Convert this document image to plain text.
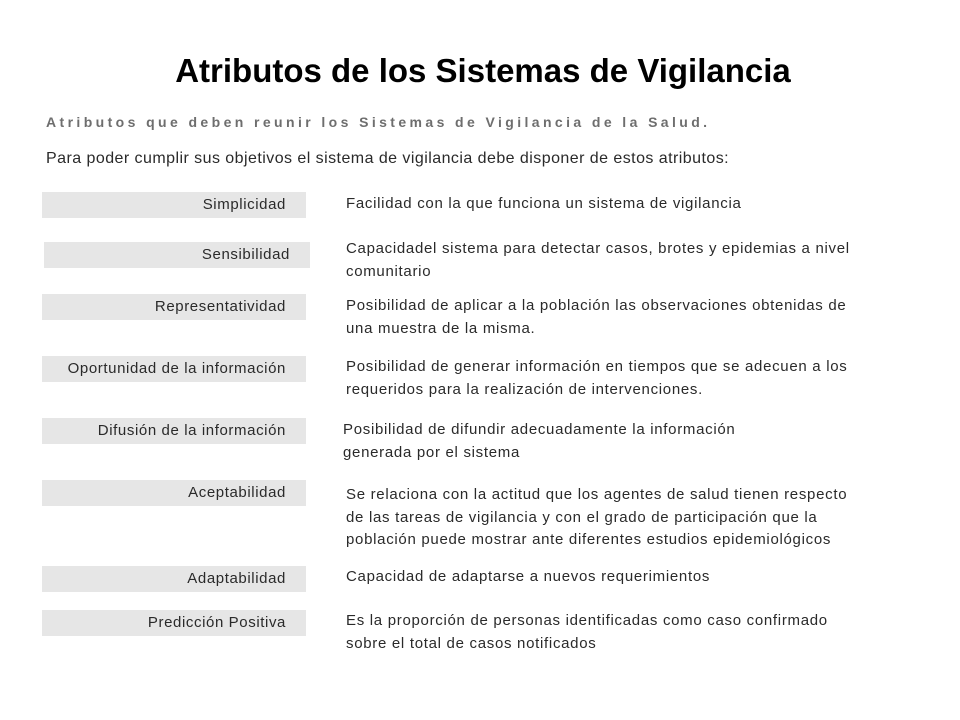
Atributos de los Sistemas de Vigilancia
Atributos que deben reunir los Sistemas de Vigilancia de la Salud.
Para poder cumplir sus objetivos el sistema de vigilancia debe disponer de estos atributos:
Simplicidad	Facilidad con la que funciona un sistema de vigilancia
Sensibilidad	Capacidadel sistema para detectar casos, brotes y epidemias a nivel
comunitario
Representatividad	Posibilidad de aplicar a la población las observaciones obtenidas de
una muestra de la misma.
Oportunidad de la información	Posibilidad de generar información en tiempos que se adecuen a los
requeridos para la realización de intervenciones.
Difusión de la información	Posibilidad de difundir adecuadamente la información
generada por el sistema
Aceptabilidad	Se relaciona con la actitud que los agentes de salud tienen respecto
de las tareas de vigilancia y con el grado de participación que la
población puede mostrar ante diferentes estudios epidemiológicos
Adaptabilidad	Capacidad de adaptarse a nuevos requerimientos
Predicción Positiva	Es la proporción de personas identificadas como caso confirmado
sobre el total de casos notificados
